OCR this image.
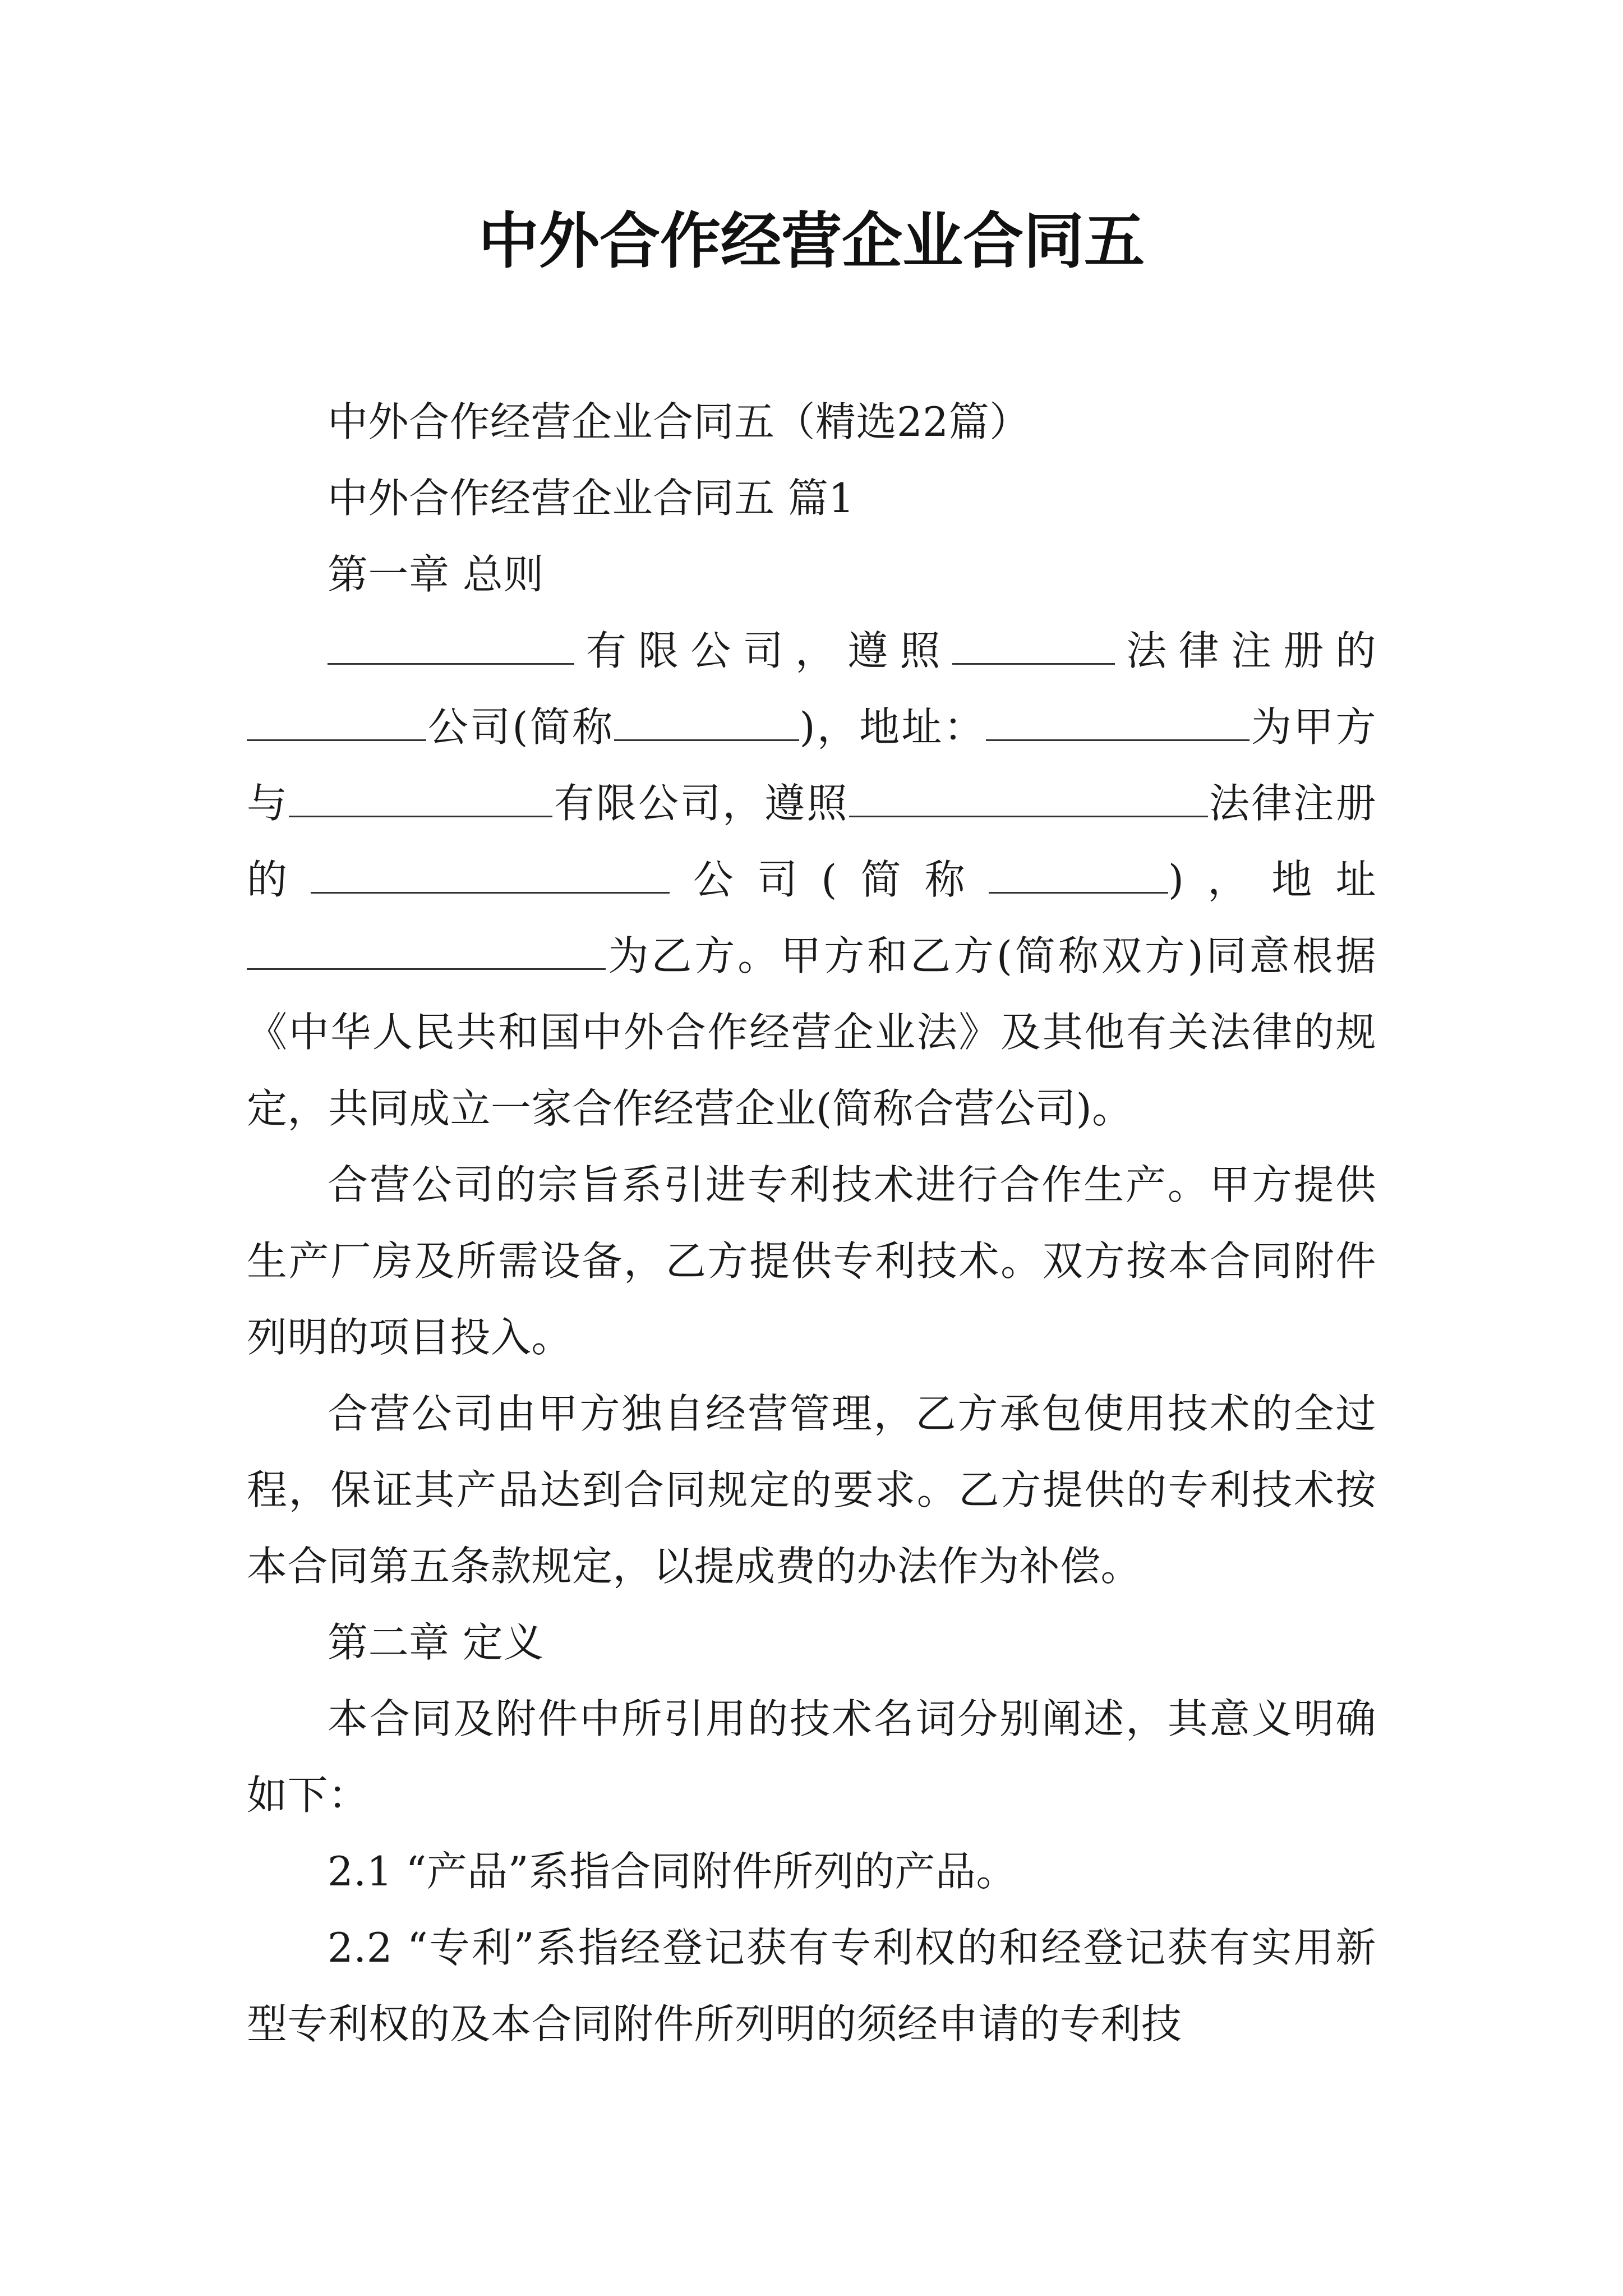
中外合作经营企业合同五

中外合作经营企业合同五（精选22篇）

中外合作经营企业合同五 篇1

第一章 总则

有限公司，遵照	法律注册的公司(简称	)，地址：	为甲方与	有限公司，遵照	法律注册的	公司(简称	)，地址为乙方。甲方和乙方(简称双方)同意根据《中华人民共和国中外合作经营企业法》及其他有关法律的规定，共同成立一家合作经营企业(简称合营公司)。

合营公司的宗旨系引进专利技术进行合作生产。甲方提供生产厂房及所需设备，乙方提供专利技术。双方按本合同附件列明的项目投入。

合营公司由甲方独自经营管理，乙方承包使用技术的全过程，保证其产品达到合同规定的要求。乙方提供的专利技术按本合同第五条款规定，以提成费的办法作为补偿。

第二章 定义

本合同及附件中所引用的技术名词分别阐述，其意义明确如下：

2.1 “产品”系指合同附件所列的产品。

2.2 “专利”系指经登记获有专利权的和经登记获有实用新型专利权的及本合同附件所列明的须经申请的专利技
